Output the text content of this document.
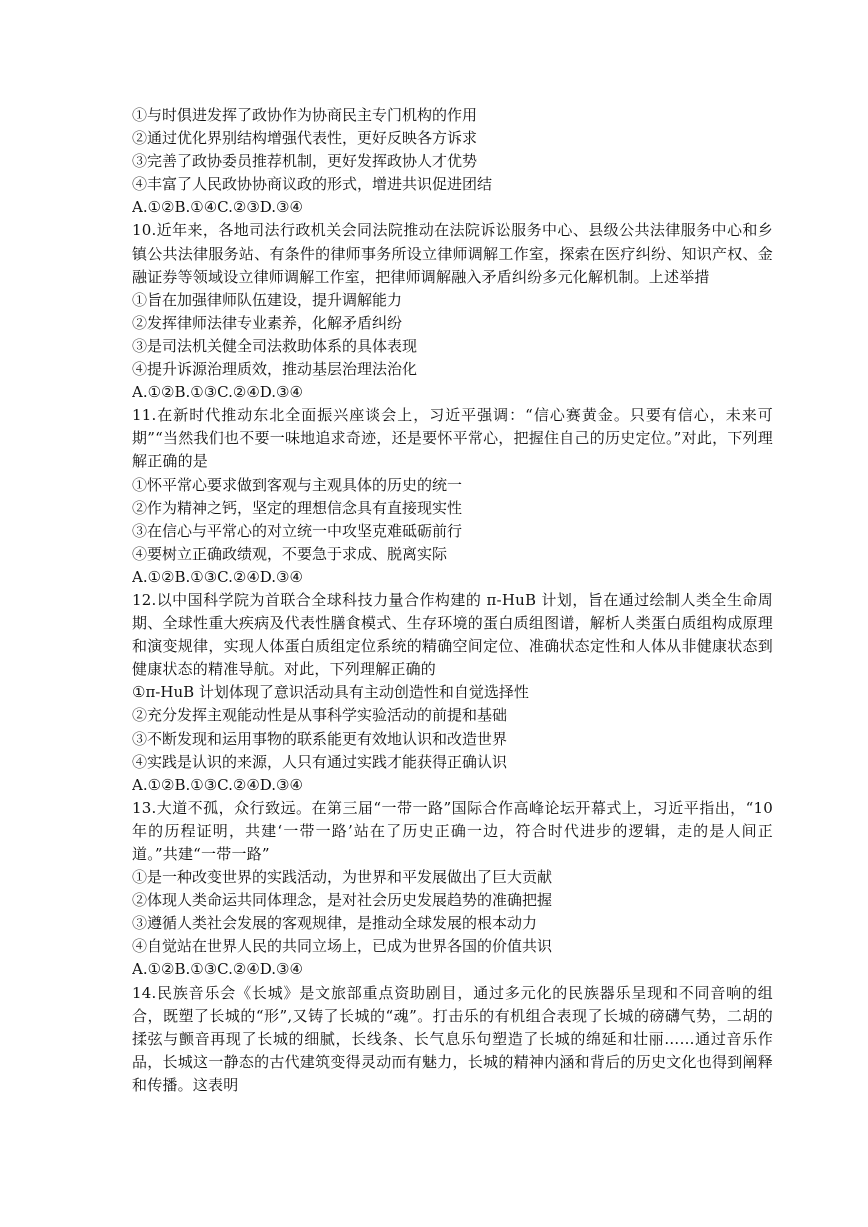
①与时俱进发挥了政协作为协商民主专门机构的作用
②通过优化界别结构增强代表性，更好反映各方诉求
③完善了政协委员推荐机制，更好发挥政协人才优势
④丰富了人民政协协商议政的形式，增进共识促进团结
A.①②B.①④C.②③D.③④
10.近年来，各地司法行政机关会同法院推动在法院诉讼服务中心、县级公共法律服务中心和乡镇公共法律服务站、有条件的律师事务所设立律师调解工作室，探索在医疗纠纷、知识产权、金融证券等领域设立律师调解工作室，把律师调解融入矛盾纠纷多元化解机制。上述举措
①旨在加强律师队伍建设，提升调解能力
②发挥律师法律专业素养，化解矛盾纠纷
③是司法机关健全司法救助体系的具体表现
④提升诉源治理质效，推动基层治理法治化
A.①②B.①③C.②④D.③④
11.在新时代推动东北全面振兴座谈会上，习近平强调：“信心赛黄金。只要有信心，未来可期”“当然我们也不要一味地追求奇迹，还是要怀平常心，把握住自己的历史定位。”对此，下列理解正确的是
①怀平常心要求做到客观与主观具体的历史的统一
②作为精神之钙，坚定的理想信念具有直接现实性
③在信心与平常心的对立统一中攻坚克难砥砺前行
④要树立正确政绩观，不要急于求成、脱离实际
A.①②B.①③C.②④D.③④
12.以中国科学院为首联合全球科技力量合作构建的 π-HuB 计划，旨在通过绘制人类全生命周期、全球性重大疾病及代表性膳食模式、生存环境的蛋白质组图谱，解析人类蛋白质组构成原理和演变规律，实现人体蛋白质组定位系统的精确空间定位、准确状态定性和人体从非健康状态到健康状态的精准导航。对此，下列理解正确的
①π-HuB 计划体现了意识活动具有主动创造性和自觉选择性
②充分发挥主观能动性是从事科学实验活动的前提和基础
③不断发现和运用事物的联系能更有效地认识和改造世界
④实践是认识的来源，人只有通过实践才能获得正确认识
A.①②B.①③C.②④D.③④
13.大道不孤，众行致远。在第三届“一带一路”国际合作高峰论坛开幕式上，习近平指出，“10 年的历程证明，共建‘一带一路’站在了历史正确一边，符合时代进步的逻辑，走的是人间正道。”共建“一带一路”
①是一种改变世界的实践活动，为世界和平发展做出了巨大贡献
②体现人类命运共同体理念，是对社会历史发展趋势的准确把握
③遵循人类社会发展的客观规律，是推动全球发展的根本动力
④自觉站在世界人民的共同立场上，已成为世界各国的价值共识
A.①②B.①③C.②④D.③④
14.民族音乐会《长城》是文旅部重点资助剧目，通过多元化的民族器乐呈现和不同音响的组合，既塑了长城的“形”,又铸了长城的“魂”。打击乐的有机组合表现了长城的磅礴气势，二胡的揉弦与颤音再现了长城的细腻，长线条、长气息乐句塑造了长城的绵延和壮丽……通过音乐作品，长城这一静态的古代建筑变得灵动而有魅力，长城的精神内涵和背后的历史文化也得到阐释和传播。这表明
